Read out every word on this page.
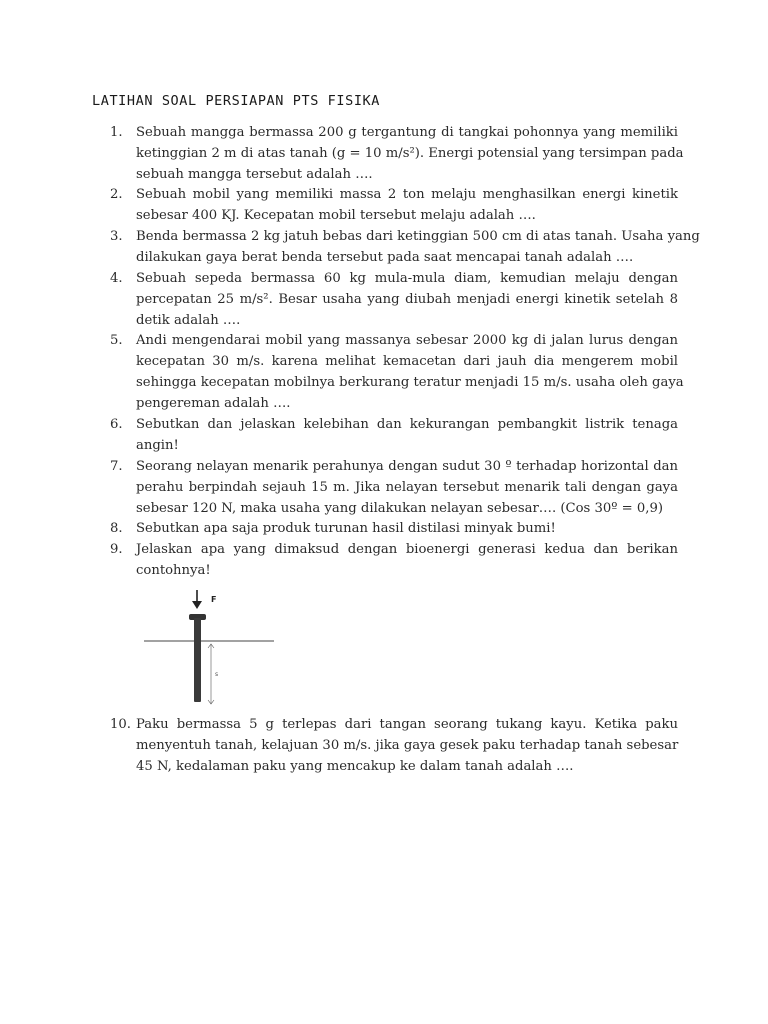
LATIHAN SOAL PERSIAPAN PTS FISIKA
1.	Sebuah mangga bermassa 200 g tergantung di tangkai pohonnya yang memiliki
ketinggian 2 m di atas tanah (g = 10 m/s²). Energi potensial yang tersimpan pada
sebuah mangga tersebut adalah ….
2.	Sebuah mobil yang memiliki massa 2 ton melaju menghasilkan energi kinetik
sebesar 400 KJ. Kecepatan mobil tersebut melaju adalah ….
3.	Benda bermassa 2 kg jatuh bebas dari ketinggian 500 cm di atas tanah. Usaha yang
dilakukan gaya berat benda tersebut pada saat mencapai tanah adalah ….
4.	Sebuah sepeda bermassa 60 kg mula-mula diam, kemudian melaju dengan
percepatan 25 m/s². Besar usaha yang diubah menjadi energi kinetik setelah 8
detik adalah ….
5.	Andi mengendarai mobil yang massanya sebesar 2000 kg di jalan lurus dengan
kecepatan 30 m/s. karena melihat kemacetan dari jauh dia mengerem mobil
sehingga kecepatan mobilnya berkurang teratur menjadi 15 m/s. usaha oleh gaya
pengereman adalah ….
6.	Sebutkan dan jelaskan kelebihan dan kekurangan pembangkit listrik tenaga
angin!
7.	Seorang nelayan menarik perahunya dengan sudut 30 º terhadap horizontal dan
perahu berpindah sejauh 15 m. Jika nelayan tersebut menarik tali dengan gaya
sebesar 120 N, maka usaha yang dilakukan nelayan sebesar…. (Cos 30º = 0,9)
8.	Sebutkan apa saja produk turunan hasil distilasi minyak bumi!
9.	Jelaskan apa yang dimaksud dengan bioenergi generasi kedua dan berikan
contohnya!
F
s
10. Paku bermassa 5 g terlepas dari tangan seorang tukang kayu. Ketika paku
menyentuh tanah, kelajuan 30 m/s. jika gaya gesek paku terhadap tanah sebesar
45 N, kedalaman paku yang mencakup ke dalam tanah adalah ….
